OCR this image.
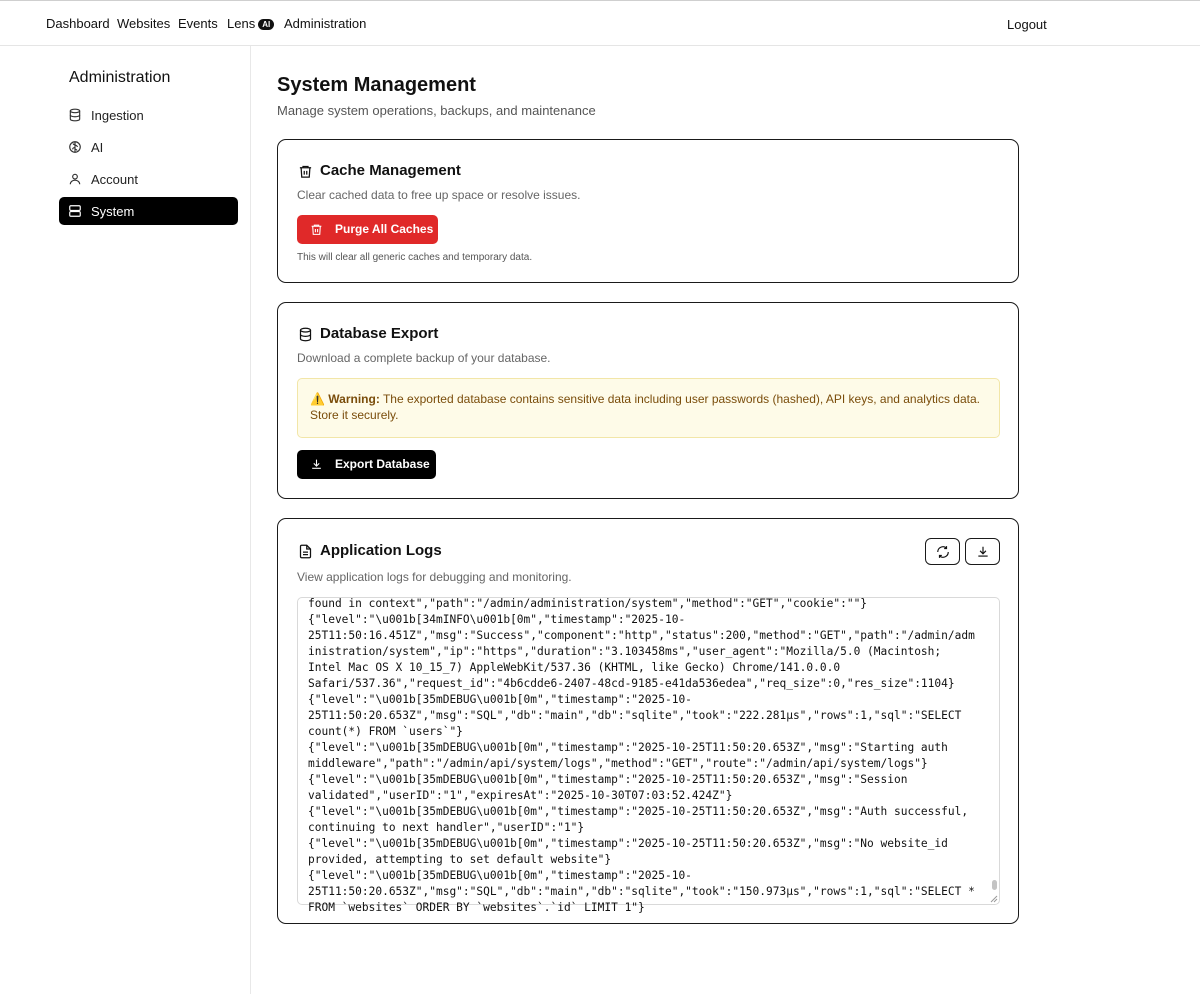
Dashboard Websites Events Lens AI	Administration	Logout
Administration
Ingestion
AI
Account
System
System Management
Manage system operations, backups, and maintenance
Cache Management
Clear cached data to free up space or resolve issues.
Purge All Caches
This will clear all generic caches and temporary data.
Database Export
Download a complete backup of your database.
⚠️ Warning: The exported database contains sensitive data including user passwords (hashed), API keys, and analytics data. Store it securely.
Export Database
Application Logs
View application logs for debugging and monitoring.
found in context","path":"/admin/administration/system","method":"GET","cookie":""}
{"level":"\u001b[34mINFO\u001b[0m","timestamp":"2025-10-
25T11:50:16.451Z","msg":"Success","component":"http","status":200,"method":"GET","path":"/admin/adm
inistration/system","ip":"https","duration":"3.103458ms","user_agent":"Mozilla/5.0 (Macintosh;
Intel Mac OS X 10_15_7) AppleWebKit/537.36 (KHTML, like Gecko) Chrome/141.0.0.0
Safari/537.36","request_id":"4b6cdde6-2407-48cd-9185-e41da536edea","req_size":0,"res_size":1104}
{"level":"\u001b[35mDEBUG\u001b[0m","timestamp":"2025-10-
25T11:50:20.653Z","msg":"SQL","db":"main","db":"sqlite","took":"222.281µs","rows":1,"sql":"SELECT
count(*) FROM `users`"}
{"level":"\u001b[35mDEBUG\u001b[0m","timestamp":"2025-10-25T11:50:20.653Z","msg":"Starting auth
middleware","path":"/admin/api/system/logs","method":"GET","route":"/admin/api/system/logs"}
{"level":"\u001b[35mDEBUG\u001b[0m","timestamp":"2025-10-25T11:50:20.653Z","msg":"Session
validated","userID":"1","expiresAt":"2025-10-30T07:03:52.424Z"}
{"level":"\u001b[35mDEBUG\u001b[0m","timestamp":"2025-10-25T11:50:20.653Z","msg":"Auth successful,
continuing to next handler","userID":"1"}
{"level":"\u001b[35mDEBUG\u001b[0m","timestamp":"2025-10-25T11:50:20.653Z","msg":"No website_id
provided, attempting to set default website"}
{"level":"\u001b[35mDEBUG\u001b[0m","timestamp":"2025-10-
25T11:50:20.653Z","msg":"SQL","db":"main","db":"sqlite","took":"150.973µs","rows":1,"sql":"SELECT *
FROM `websites` ORDER BY `websites`.`id` LIMIT 1"}
